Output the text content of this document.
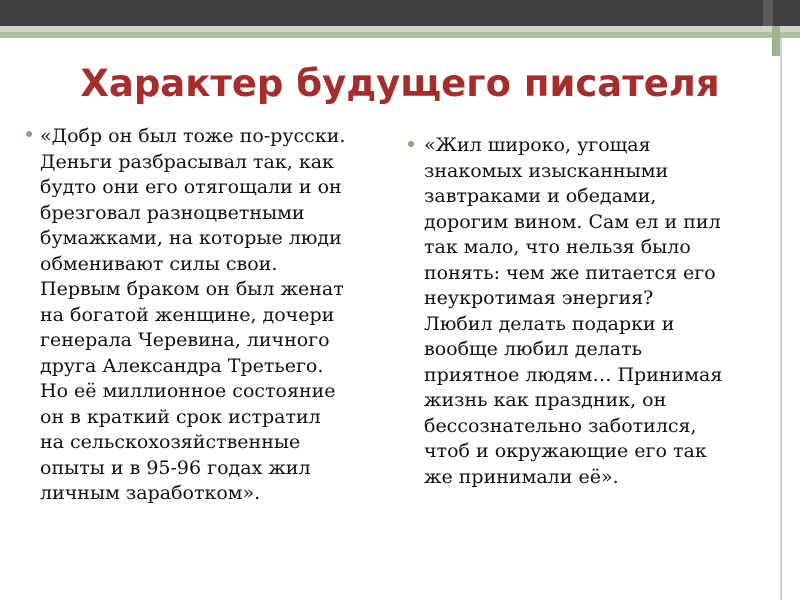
Характер будущего писателя
«Добр он был тоже по-русски.
Деньги разбрасывал так, как
будто они его отягощали и он
брезговал разноцветными
бумажками, на которые люди
обменивают силы свои.
Первым браком он был женат
на богатой женщине, дочери
генерала Черевина, личного
друга Александра Третьего.
Но её миллионное состояние
он в краткий срок истратил
на сельскохозяйственные
опыты и в 95-96 годах жил
личным заработком».
«Жил широко, угощая
знакомых изысканными
завтраками и обедами,
дорогим вином. Сам ел и пил
так мало, что нельзя было
понять: чем же питается его
неукротимая энергия?
Любил делать подарки и
вообще любил делать
приятное людям… Принимая
жизнь как праздник, он
бессознательно заботился,
чтоб и окружающие его так
же принимали её».
